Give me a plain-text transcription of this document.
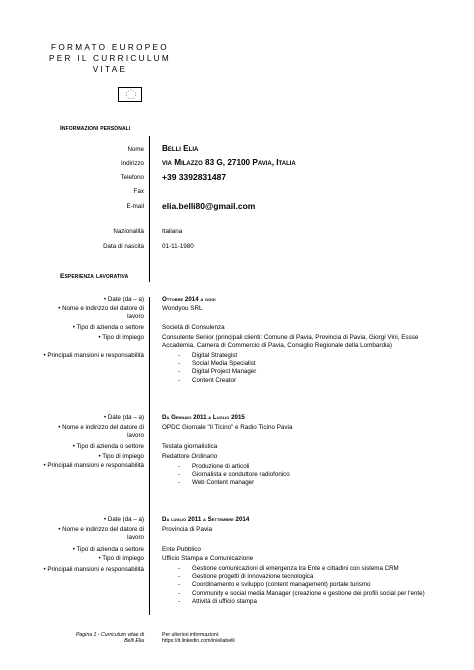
FORMATO EUROPEO
PER IL CURRICULUM
VITAE
* *
*
*
*
*
*
*
*
*
Informazioni personali
Nome Belli Elia
Indirizzo via Milazzo 83 G, 27100 Pavia, Italia
Telefono +39 3392831487
Fax
E-mail elia.belli80@gmail.com
Nazionalità	Italiana
Data di nascita	01-11-1980
Esperienza lavorativa
• Date (da – a)	Ottobre 2014 a oggi
• Nome e indirizzo del datore di lavoro
Wondyou SRL
• Tipo di azienda o settore	Società di Consulenza
• Tipo di impiego	Consulente Senior (principali clienti: Comune di Pavia, Provincia di Pavia, Giorgi Vini, Essse Accademia, Camera di Commercio di Pavia, Consiglio Regionale della Lombardia)
• Principali mansioni e responsabilità	- Digital Strategist
- Social Media Specialist
- Digital Project Manager
- Content Creator
• Date (da – a)	Da Gennaio 2011 a Luglio 2015
• Nome e indirizzo del datore di lavoro
OPDC Giornale "Il Ticino" e Radio Ticino Pavia
• Tipo di azienda o settore	Testata giornalistica
• Tipo di impiego	Redattore Ordinario
• Principali mansioni e responsabilità	- Produzione di articoli
- Giornalista e conduttore radiofonico
- Web Content manager
• Date (da – a)	Da luglio 2011 a Settembre 2014
• Nome e indirizzo del datore di lavoro
Provincia di Pavia
• Tipo di azienda o settore	Ente Pubblico
• Tipo di impiego	Ufficio Stampa e Comunicazione
• Principali mansioni e responsabilità	- Gestione comunicazioni di emergenza tra Ente e cittadini con sistema CRM
- Gestione progetti di innovazione tecnologica
- Coordinamento e sviluppo (content management) portale turismo
- Community e social media Manager (creazione e gestione dei profili social per l'ente)
- Attività di ufficio stampa
Pagina 1 - Curriculum vitae di
Belli Elia
Per ulteriori informazioni:
https://it.linkedin.com/in/eliabelli
